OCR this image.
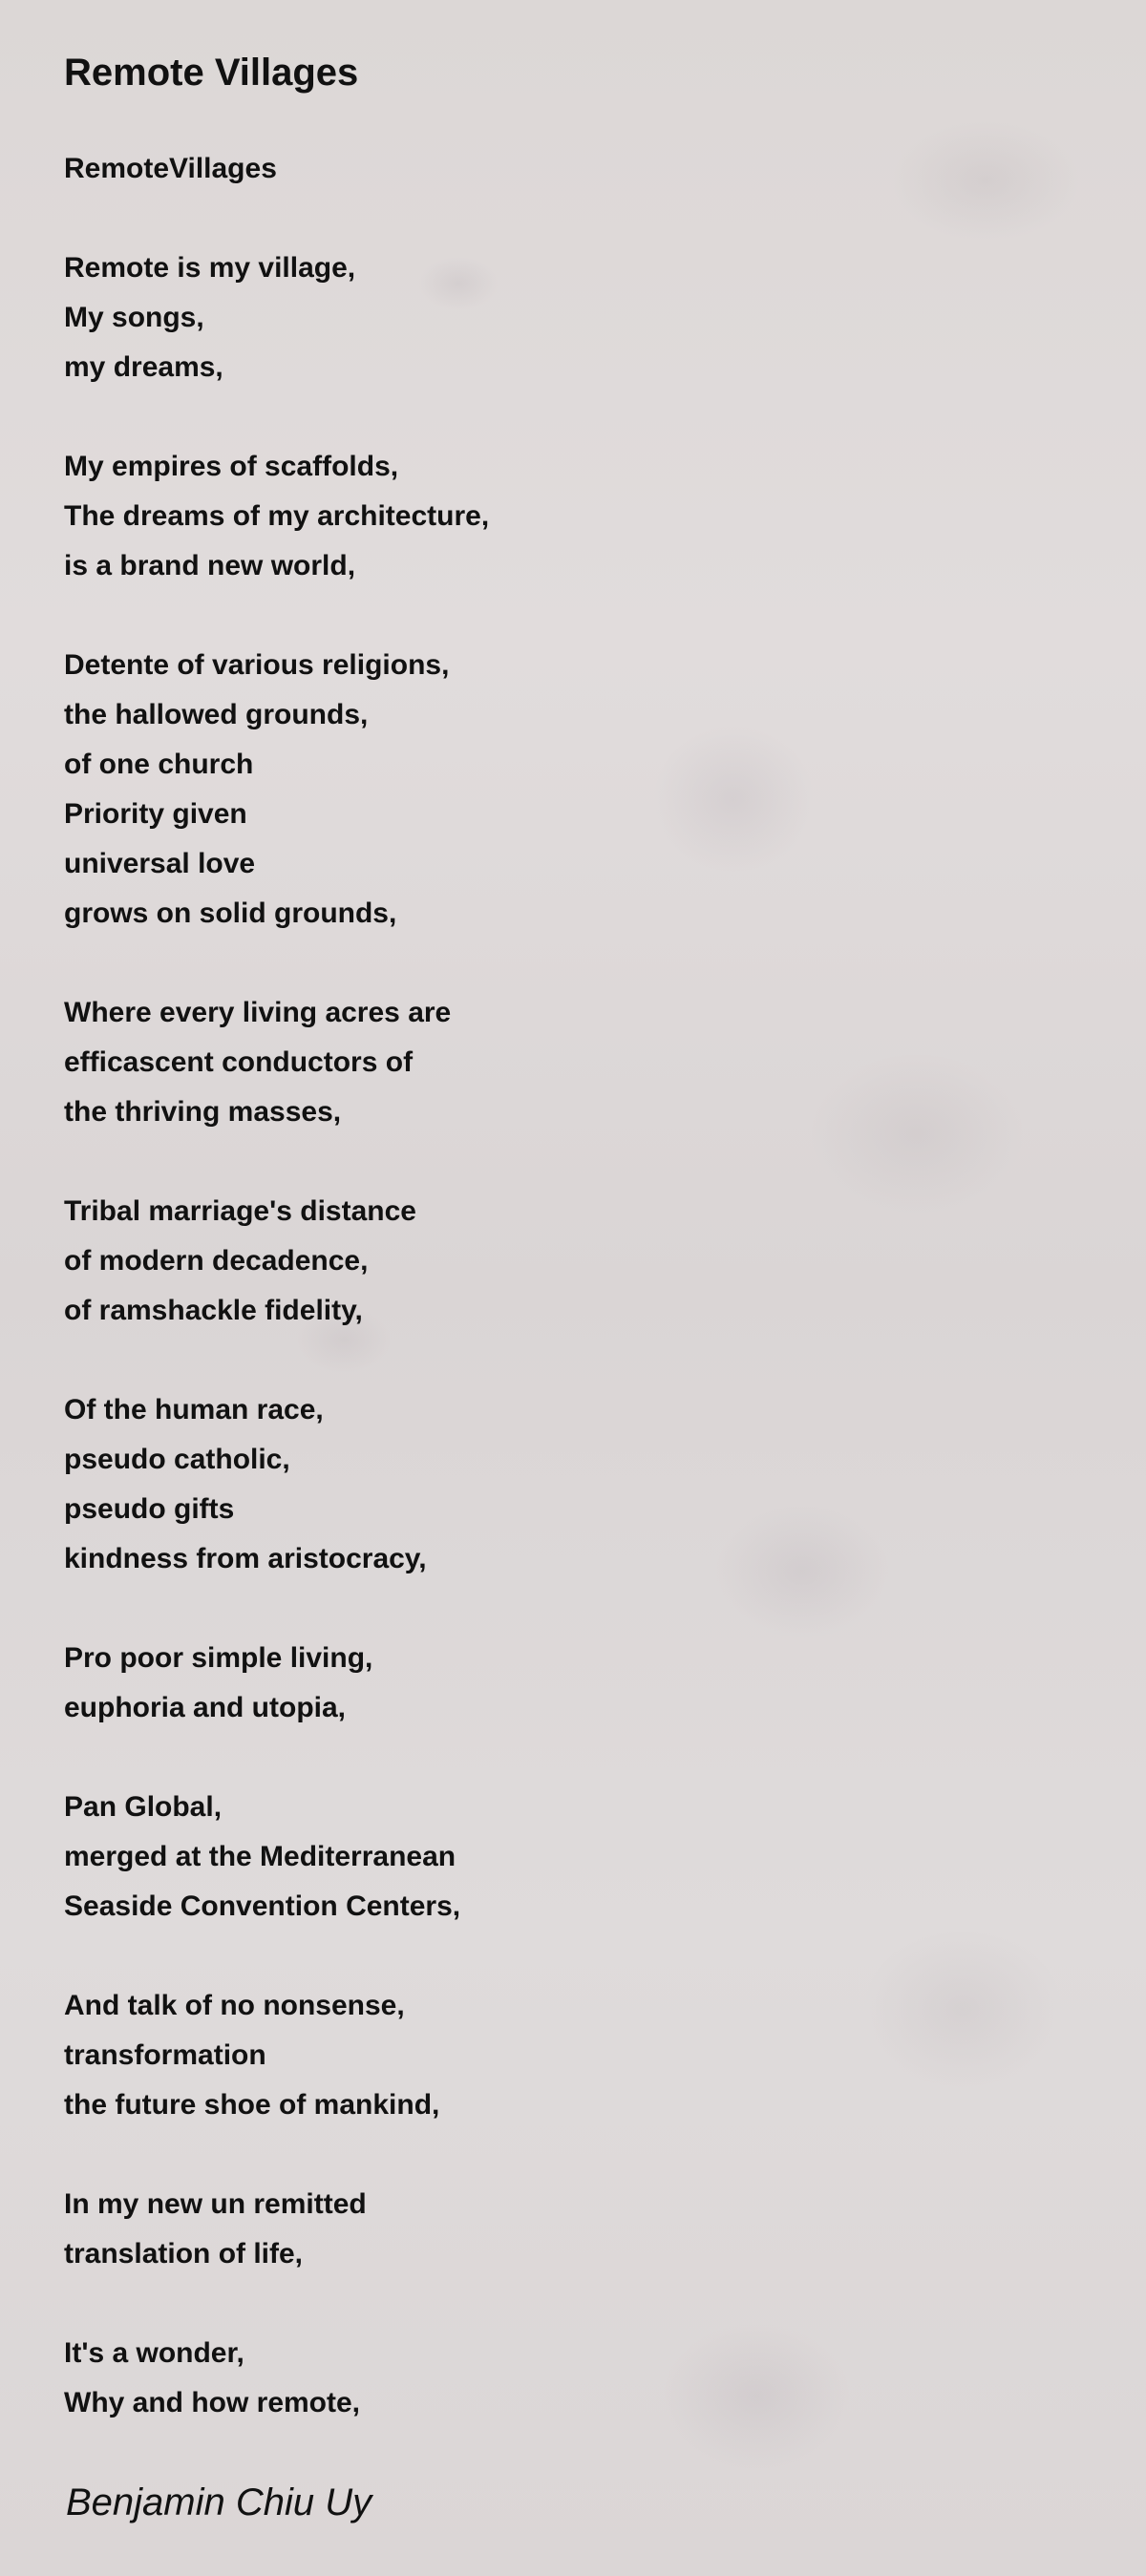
Remote Villages
RemoteVillages
Remote is my village,
My songs,
my dreams,
My empires of scaffolds,
The dreams of my architecture,
is a brand new world,
Detente of various religions,
the hallowed grounds,
of one church
Priority given
universal love
grows on solid grounds,
Where every living acres are
efficascent conductors of
the thriving masses,
Tribal marriage's distance
of modern decadence,
of ramshackle fidelity,
Of the human race,
pseudo catholic,
pseudo gifts
kindness from aristocracy,
Pro poor simple living,
euphoria and utopia,
Pan Global,
merged at the Mediterranean
Seaside Convention Centers,
And talk of no nonsense,
transformation
the future shoe of mankind,
In my new un remitted
translation of life,
It's a wonder,
Why and how remote,
Benjamin Chiu Uy
